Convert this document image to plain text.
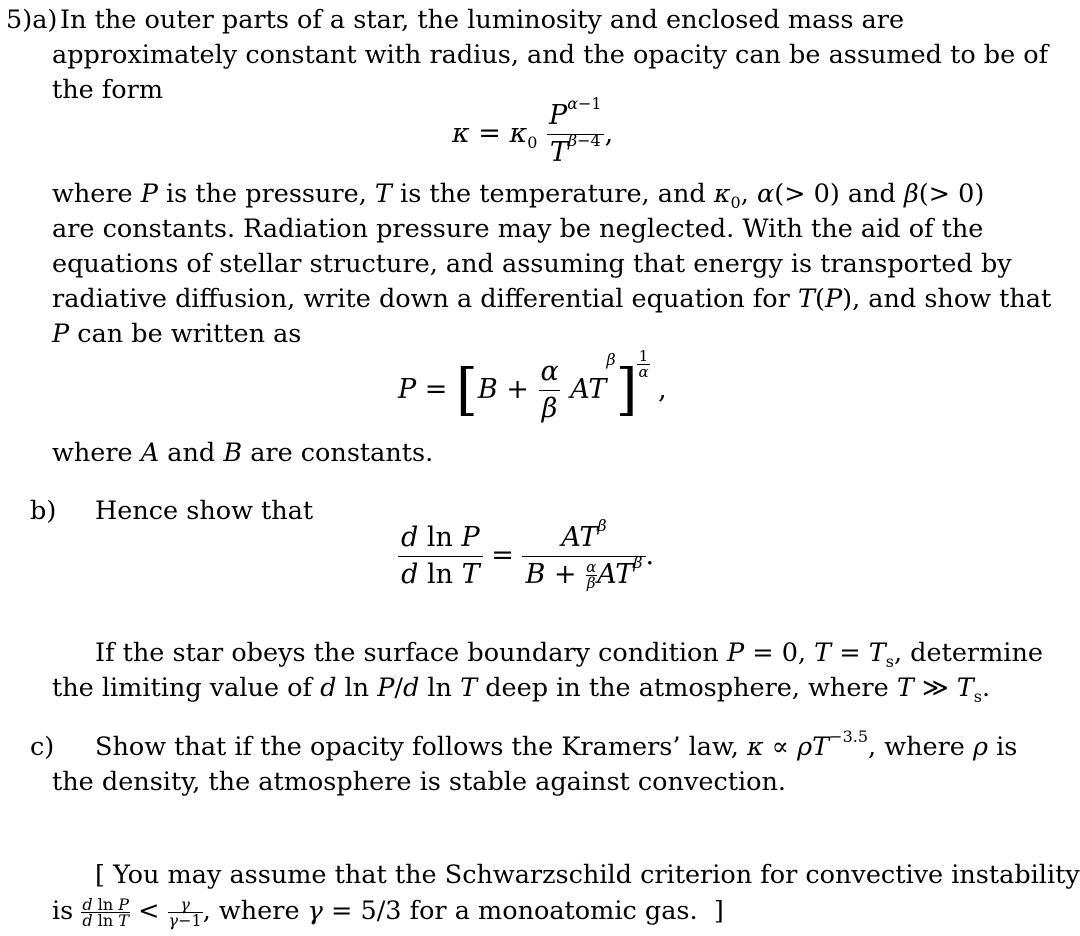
5)a) In the outer parts of a star, the luminosity and enclosed mass are
approximately constant with radius, and the opacity can be assumed to be of
the form
$\kappa = \kappa_0 \frac{P^{\alpha-1}}{T^{\beta-4}}$ ,
where P is the pressure, T is the temperature, and $\kappa_0$, α(> 0) and β(> 0)
are constants. Radiation pressure may be neglected. With the aid of the
equations of stellar structure, and assuming that energy is transported by
radiative diffusion, write down a differential equation for T(P), and show that
P can be written as
$P = [B + \frac{\alpha}{\beta} AT^\beta] \frac{1}{\alpha}$
,
where A and B are constants.
b) Hence show that
$\frac{\text{d ln P}}{\text{d ln T}} = \frac{AT^\beta}{B + \frac{\alpha}{\beta} AT^\beta}$ .
If the star obeys the surface boundary condition P = 0, $T = T_s$, determine
the limiting value of d ln P/d ln T deep in the atmosphere, where T ≫ $T_s$.
c) Show that if the opacity follows the Kramers’ law, $\kappa \propto \rho T^{-3.5}$, where ρ is
the density, the atmosphere is stable against convection.
[ You may assume that the Schwarzschild criterion for convective instability
is $\frac{\text{d ln P}}{\text{d ln T}} < \frac{\gamma}{\gamma-1}$ , where γ = 5/3 for a monoatomic gas. ]
